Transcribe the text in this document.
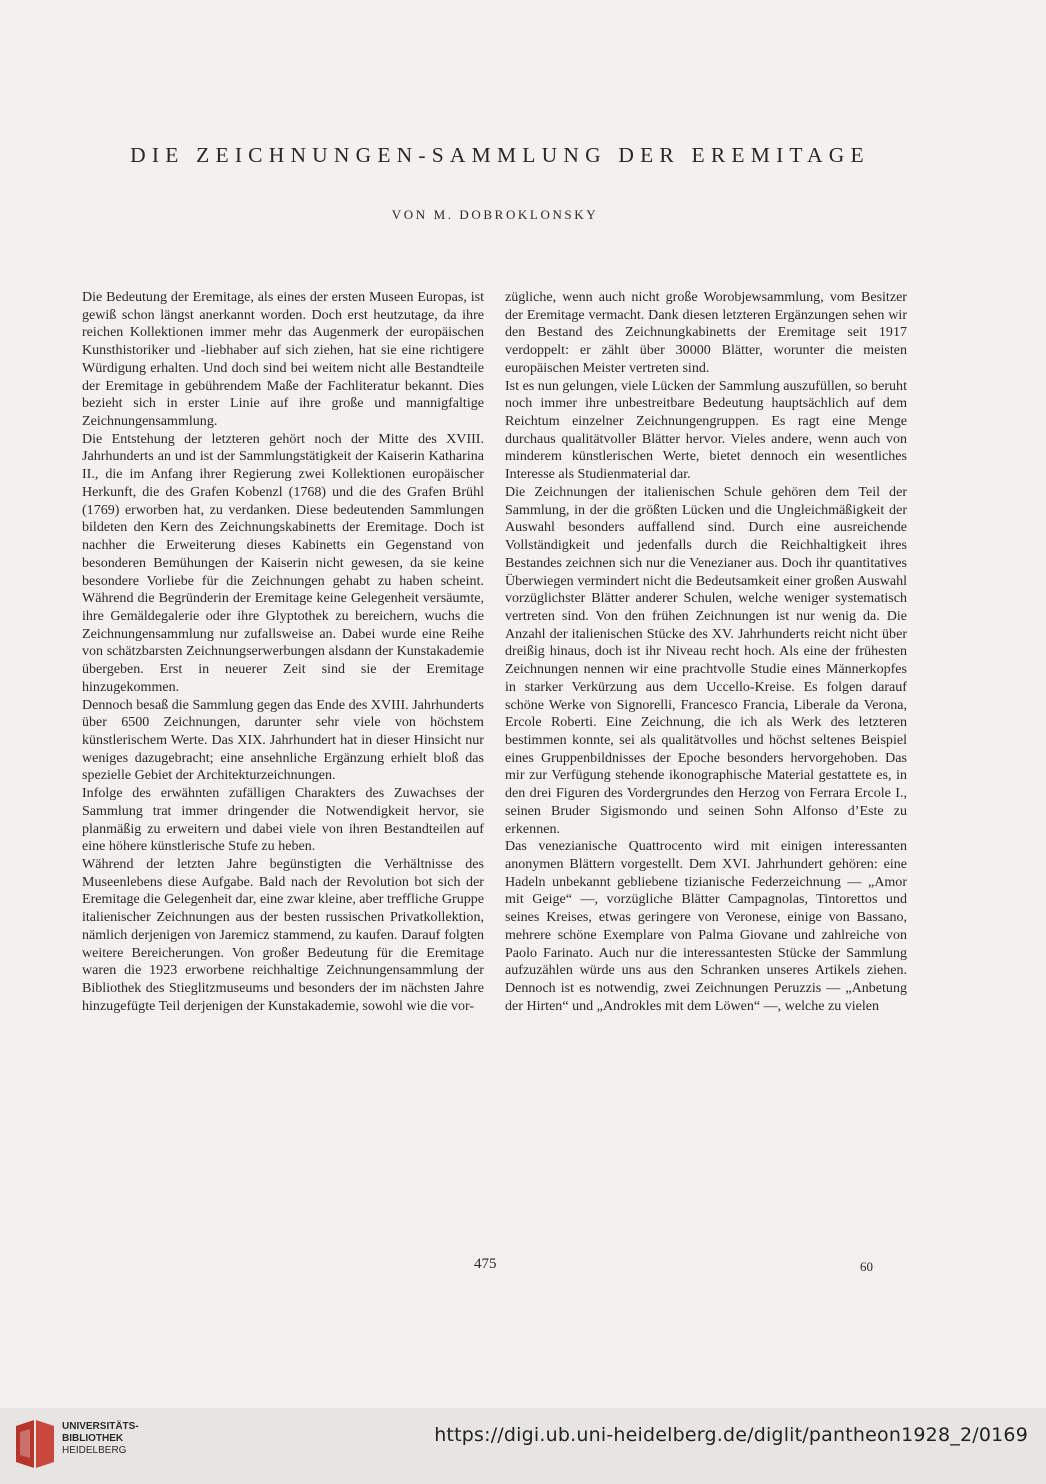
DIE ZEICHNUNGEN-SAMMLUNG DER EREMITAGE
VON M. DOBROKLONSKY

Die Bedeutung der Eremitage, als eines der ersten Museen Europas, ist gewiß schon längst anerkannt worden. Doch erst heutzutage, da ihre reichen Kollektionen immer mehr das Augenmerk der europäischen Kunsthistoriker und -liebhaber auf sich ziehen, hat sie eine richtigere Würdigung erhalten. Und doch sind bei weitem nicht alle Bestandteile der Eremitage in gebührendem Maße der Fachliteratur bekannt. Dies bezieht sich in erster Linie auf ihre große und mannigfaltige Zeichnungensammlung.

Die Entstehung der letzteren gehört noch der Mitte des XVIII. Jahrhunderts an und ist der Sammlungstätigkeit der Kaiserin Katharina II., die im Anfang ihrer Regierung zwei Kollektionen europäischer Herkunft, die des Grafen Kobenzl (1768) und die des Grafen Brühl (1769) erworben hat, zu verdanken. Diese bedeutenden Sammlungen bildeten den Kern des Zeichnungskabinetts der Eremitage. Doch ist nachher die Erweiterung dieses Kabinetts ein Gegenstand von besonderen Bemühungen der Kaiserin nicht gewesen, da sie keine besondere Vorliebe für die Zeichnungen gehabt zu haben scheint. Während die Begründerin der Eremitage keine Gelegenheit versäumte, ihre Gemäldegalerie oder ihre Glyptothek zu bereichern, wuchs die Zeichnungensammlung nur zufallsweise an. Dabei wurde eine Reihe von schätzbarsten Zeichnungserwerbungen alsdann der Kunstakademie übergeben. Erst in neuerer Zeit sind sie der Eremitage hinzugekommen.

Dennoch besaß die Sammlung gegen das Ende des XVIII. Jahrhunderts über 6500 Zeichnungen, darunter sehr viele von höchstem künstlerischem Werte. Das XIX. Jahrhundert hat in dieser Hinsicht nur weniges dazugebracht; eine ansehnliche Ergänzung erhielt bloß das spezielle Gebiet der Architekturzeichnungen.

Infolge des erwähnten zufälligen Charakters des Zuwachses der Sammlung trat immer dringender die Notwendigkeit hervor, sie planmäßig zu erweitern und dabei viele von ihren Bestandteilen auf eine höhere künstlerische Stufe zu heben.

Während der letzten Jahre begünstigten die Verhältnisse des Museenlebens diese Aufgabe. Bald nach der Revolution bot sich der Eremitage die Gelegenheit dar, eine zwar kleine, aber treffliche Gruppe italienischer Zeichnungen aus der besten russischen Privatkollektion, nämlich derjenigen von Jaremicz stammend, zu kaufen. Darauf folgten weitere Bereicherungen. Von großer Bedeutung für die Eremitage waren die 1923 erworbene reichhaltige Zeichnungensammlung der Bibliothek des Stieglitzmuseums und besonders der im nächsten Jahre hinzugefügte Teil derjenigen der Kunstakademie, sowohl wie die vor-

zügliche, wenn auch nicht große Worobjewsammlung, vom Besitzer der Eremitage vermacht. Dank diesen letzteren Ergänzungen sehen wir den Bestand des Zeichnungkabinetts der Eremitage seit 1917 verdoppelt: er zählt über 30000 Blätter, worunter die meisten europäischen Meister vertreten sind.

Ist es nun gelungen, viele Lücken der Sammlung auszufüllen, so beruht noch immer ihre unbestreitbare Bedeutung hauptsächlich auf dem Reichtum einzelner Zeichnungengruppen. Es ragt eine Menge durchaus qualitätvoller Blätter hervor. Vieles andere, wenn auch von minderem künstlerischen Werte, bietet dennoch ein wesentliches Interesse als Studienmaterial dar.

Die Zeichnungen der italienischen Schule gehören dem Teil der Sammlung, in der die größten Lücken und die Ungleichmäßigkeit der Auswahl besonders auffallend sind. Durch eine ausreichende Vollständigkeit und jedenfalls durch die Reichhaltigkeit ihres Bestandes zeichnen sich nur die Venezianer aus. Doch ihr quantitatives Überwiegen vermindert nicht die Bedeutsamkeit einer großen Auswahl vorzüglichster Blätter anderer Schulen, welche weniger systematisch vertreten sind. Von den frühen Zeichnungen ist nur wenig da. Die Anzahl der italienischen Stücke des XV. Jahrhunderts reicht nicht über dreißig hinaus, doch ist ihr Niveau recht hoch. Als eine der frühesten Zeichnungen nennen wir eine prachtvolle Studie eines Männerkopfes in starker Verkürzung aus dem Uccello-Kreise. Es folgen darauf schöne Werke von Signorelli, Francesco Francia, Liberale da Verona, Ercole Roberti. Eine Zeichnung, die ich als Werk des letzteren bestimmen konnte, sei als qualitätvolles und höchst seltenes Beispiel eines Gruppenbildnisses der Epoche besonders hervorgehoben. Das mir zur Verfügung stehende ikonographische Material gestattete es, in den drei Figuren des Vordergrundes den Herzog von Ferrara Ercole I., seinen Bruder Sigismondo und seinen Sohn Alfonso d’Este zu erkennen.

Das venezianische Quattrocento wird mit einigen interessanten anonymen Blättern vorgestellt. Dem XVI. Jahrhundert gehören: eine Hadeln unbekannt gebliebene tizianische Federzeichnung — „Amor mit Geige“ —, vorzügliche Blätter Campagnolas, Tintorettos und seines Kreises, etwas geringere von Veronese, einige von Bassano, mehrere schöne Exemplare von Palma Giovane und zahlreiche von Paolo Farinato. Auch nur die interessantesten Stücke der Sammlung aufzuzählen würde uns aus den Schranken unseres Artikels ziehen. Dennoch ist es notwendig, zwei Zeichnungen Peruzzis — „Anbetung der Hirten“ und „Androkles mit dem Löwen“ —, welche zu vielen

475	60
UNIVERSITÄTS-
BIBLIOTHEK
HEIDELBERG
https://digi.ub.uni-heidelberg.de/diglit/pantheon1928_2/0169
